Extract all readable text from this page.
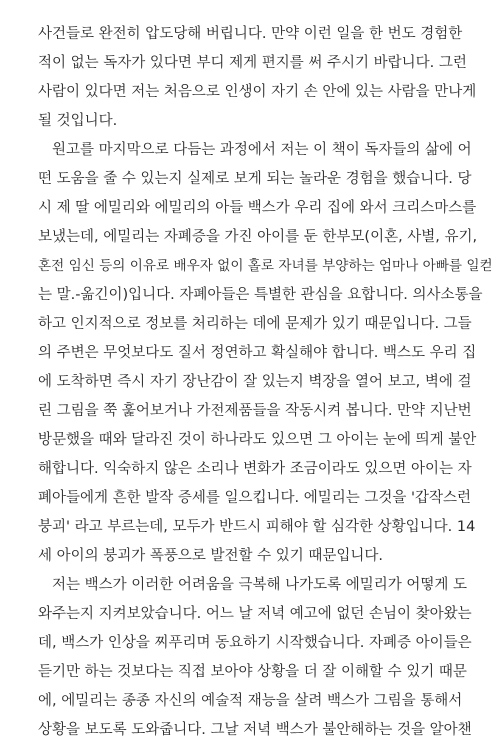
사건들로 완전히 압도당해 버립니다. 만약 이런 일을 한 번도 경험한
적이 없는 독자가 있다면 부디 제게 편지를 써 주시기 바랍니다. 그런
사람이 있다면 저는 처음으로 인생이 자기 손 안에 있는 사람을 만나게
될 것입니다.
원고를 마지막으로 다듬는 과정에서 저는 이 책이 독자들의 삶에 어
떤 도움을 줄 수 있는지 실제로 보게 되는 놀라운 경험을 했습니다. 당
시 제 딸 에밀리와 에밀리의 아들 백스가 우리 집에 와서 크리스마스를
보냈는데, 에밀리는 자폐증을 가진 아이를 둔 한부모(이혼, 사별, 유기,
혼전 임신 등의 이유로 배우자 없이 홀로 자녀를 부양하는 엄마나 아빠를 일컫
는 말.-옮긴이)입니다. 자폐아들은 특별한 관심을 요합니다. 의사소통을
하고 인지적으로 정보를 처리하는 데에 문제가 있기 때문입니다. 그들
의 주변은 무엇보다도 질서 정연하고 확실해야 합니다. 백스도 우리 집
에 도착하면 즉시 자기 장난감이 잘 있는지 벽장을 열어 보고, 벽에 걸
린 그림을 쭉 훑어보거나 가전제품들을 작동시켜 봅니다. 만약 지난번
방문했을 때와 달라진 것이 하나라도 있으면 그 아이는 눈에 띄게 불안
해합니다. 익숙하지 않은 소리나 변화가 조금이라도 있으면 아이는 자
폐아들에게 흔한 발작 증세를 일으킵니다. 에밀리는 그것을 '갑작스런
붕괴' 라고 부르는데, 모두가 반드시 피해야 할 심각한 상황입니다. 14
세 아이의 붕괴가 폭풍으로 발전할 수 있기 때문입니다.
저는 백스가 이러한 어려움을 극복해 나가도록 에밀리가 어떻게 도
와주는지 지켜보았습니다. 어느 날 저녁 예고에 없던 손님이 찾아왔는
데, 백스가 인상을 찌푸리며 동요하기 시작했습니다. 자폐증 아이들은
듣기만 하는 것보다는 직접 보아야 상황을 더 잘 이해할 수 있기 때문
에, 에밀리는 종종 자신의 예술적 재능을 살려 백스가 그림을 통해서
상황을 보도록 도와줍니다. 그날 저녁 백스가 불안해하는 것을 알아챈
